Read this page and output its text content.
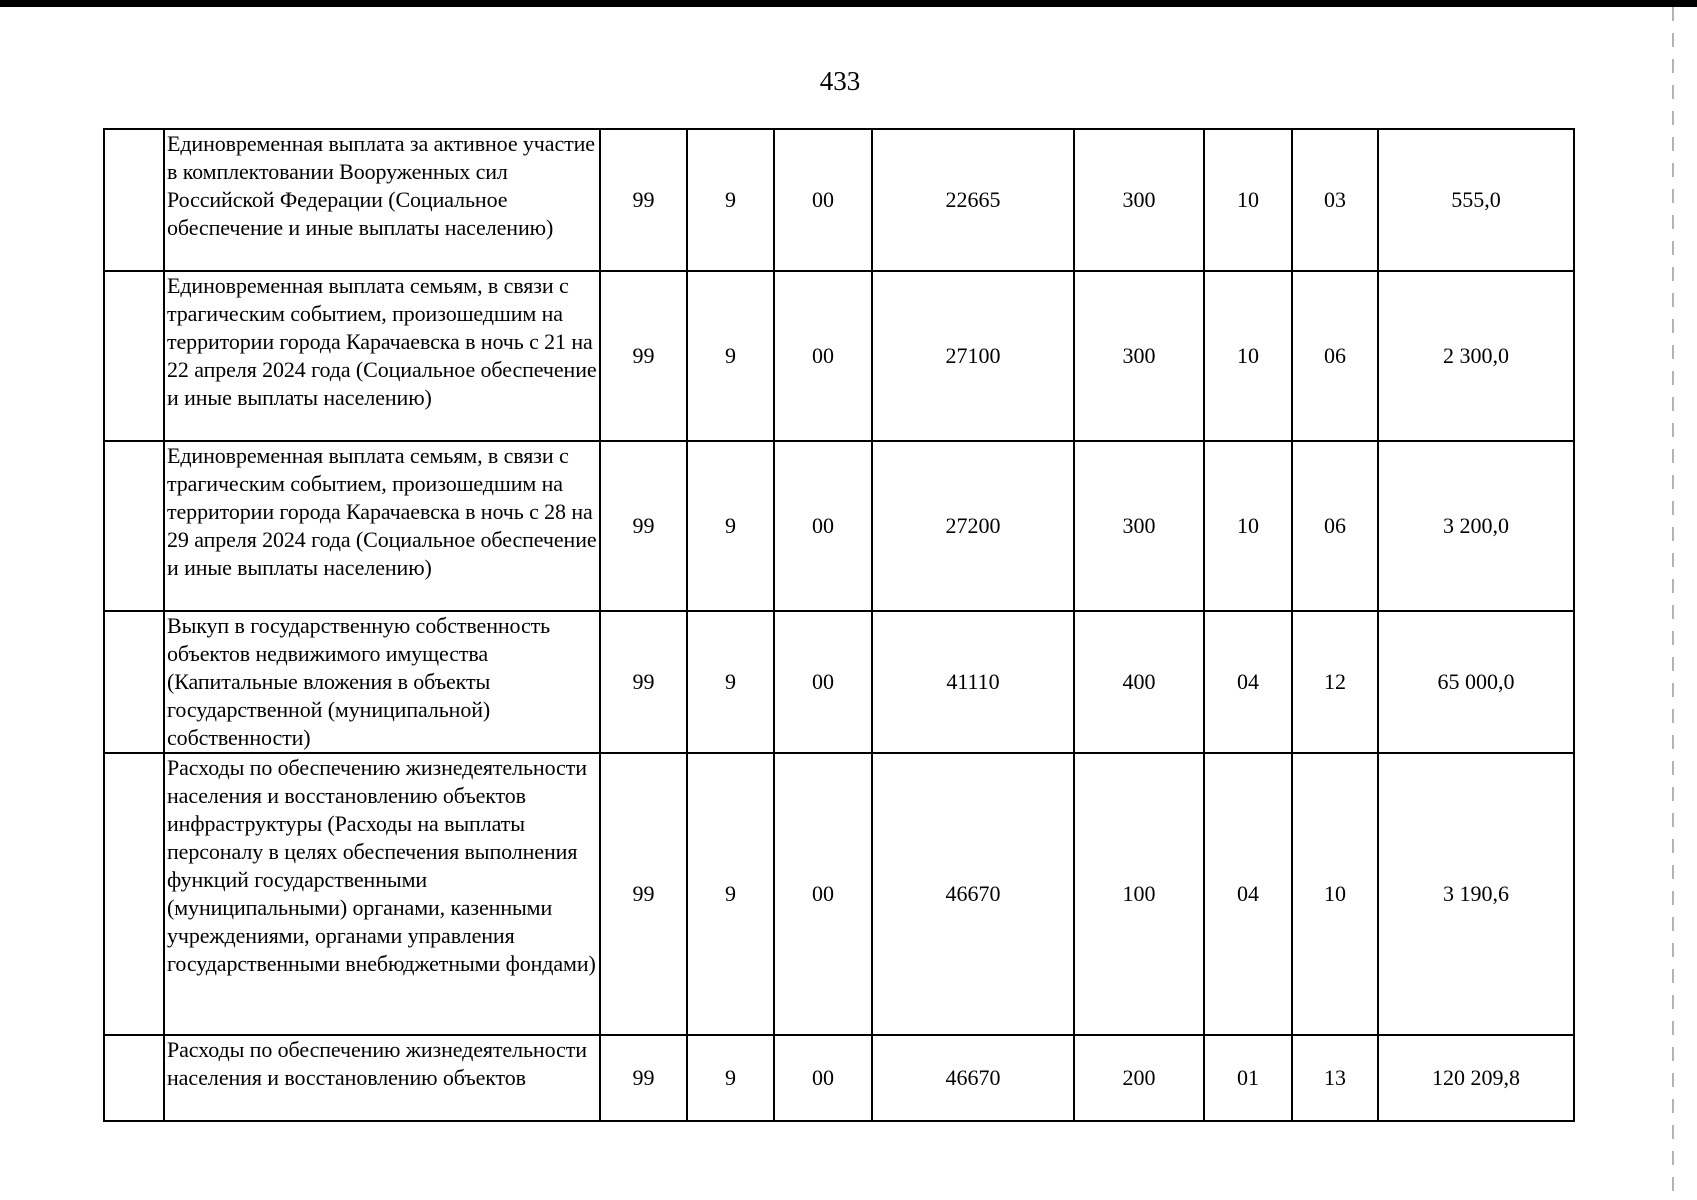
433
	Единовременная выплата за активное участие в комплектовании Вооруженных сил Российской Федерации (Социальное обеспечение и иные выплаты населению)	99	9	00	22665	300	10	03	555,0
	Единовременная выплата семьям, в связи с трагическим событием, произошедшим на территории города Карачаевска в ночь с 21 на 22 апреля 2024 года (Социальное обеспечение и иные выплаты населению)	99	9	00	27100	300	10	06	2 300,0
	Единовременная выплата семьям, в связи с трагическим событием, произошедшим на территории города Карачаевска в ночь с 28 на 29 апреля 2024 года (Социальное обеспечение и иные выплаты населению)	99	9	00	27200	300	10	06	3 200,0
	Выкуп в государственную собственность объектов недвижимого имущества (Капитальные вложения в объекты государственной (муниципальной) собственности)	99	9	00	41110	400	04	12	65 000,0
	Расходы по обеспечению жизнедеятельности населения и восстановлению объектов инфраструктуры (Расходы на выплаты персоналу в целях обеспечения выполнения функций государственными (муниципальными) органами, казенными учреждениями, органами управления государственными внебюджетными фондами)	99	9	00	46670	100	04	10	3 190,6
	Расходы по обеспечению жизнедеятельности населения и восстановлению объектов	99	9	00	46670	200	01	13	120 209,8
